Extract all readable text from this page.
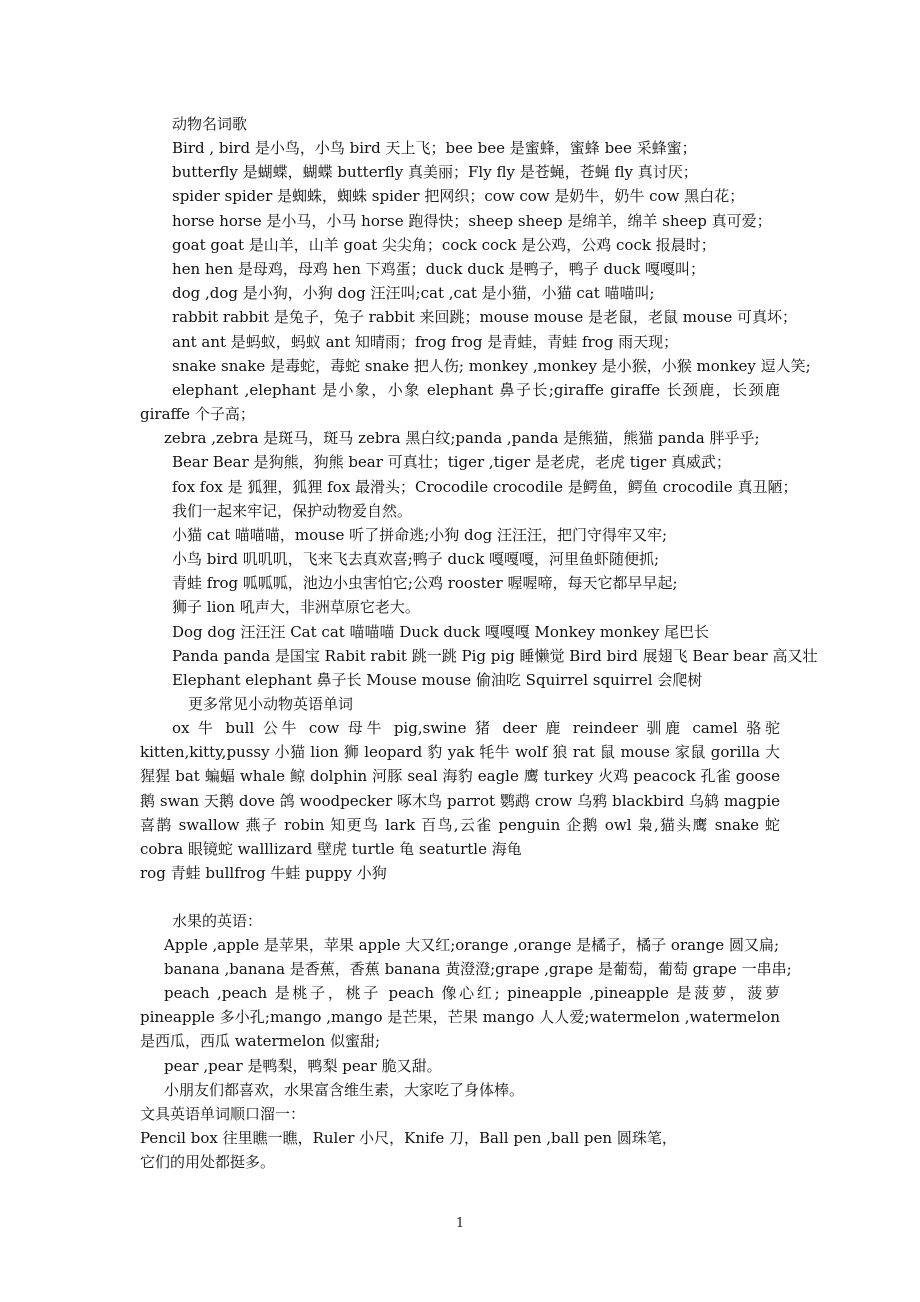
动物名词歌
Bird , bird 是小鸟，小鸟 bird 天上飞；bee bee 是蜜蜂，蜜蜂 bee 采蜂蜜；
butterfly 是蝴蝶，蝴蝶 butterfly 真美丽；Fly fly 是苍蝇，苍蝇 fly 真讨厌；
spider spider 是蜘蛛，蜘蛛 spider 把网织；cow cow 是奶牛，奶牛 cow 黑白花；
horse horse 是小马，小马 horse 跑得快；sheep sheep 是绵羊，绵羊 sheep 真可爱；
goat goat 是山羊，山羊 goat 尖尖角；cock cock 是公鸡，公鸡 cock 报晨时；
hen hen 是母鸡，母鸡 hen 下鸡蛋；duck duck 是鸭子，鸭子 duck 嘎嘎叫；
dog ,dog 是小狗，小狗 dog 汪汪叫;cat ,cat 是小猫，小猫 cat 喵喵叫;
rabbit rabbit 是兔子，兔子 rabbit 来回跳；mouse mouse 是老鼠，老鼠 mouse 可真坏；
ant ant 是蚂蚁，蚂蚁 ant 知晴雨；frog frog 是青蛙，青蛙 frog 雨天现；
snake snake 是毒蛇，毒蛇 snake 把人伤; monkey ,monkey 是小猴，小猴 monkey 逗人笑;
elephant ,elephant 是小象，小象 elephant 鼻子长;giraffe giraffe 长颈鹿，长颈鹿 giraffe 个子高；
zebra ,zebra 是斑马，斑马 zebra 黑白纹;panda ,panda 是熊猫，熊猫 panda 胖乎乎;
Bear Bear 是狗熊，狗熊 bear 可真壮；tiger ,tiger 是老虎，老虎 tiger 真威武；
fox fox 是 狐狸，狐狸 fox 最滑头；Crocodile crocodile 是鳄鱼，鳄鱼 crocodile 真丑陋；
我们一起来牢记，保护动物爱自然。
小猫 cat 喵喵喵，mouse 听了拼命逃;小狗 dog 汪汪汪，把门守得牢又牢;
小鸟 bird 叽叽叽，飞来飞去真欢喜;鸭子 duck 嘎嘎嘎，河里鱼虾随便抓;
青蛙 frog 呱呱呱，池边小虫害怕它;公鸡 rooster 喔喔啼，每天它都早早起;
狮子 lion 吼声大，非洲草原它老大。
Dog dog 汪汪汪 Cat cat 喵喵喵 Duck duck 嘎嘎嘎 Monkey monkey 尾巴长
Panda panda 是国宝 Rabit rabit 跳一跳 Pig pig 睡懒觉 Bird bird 展翅飞 Bear bear 高又壮
Elephant elephant 鼻子长 Mouse mouse 偷油吃 Squirrel squirrel 会爬树
更多常见小动物英语单词
ox 牛 bull 公牛 cow 母牛 pig,swine 猪 deer 鹿 reindeer 驯鹿 camel 骆驼 kitten,kitty,pussy 小猫 lion 狮 leopard 豹 yak 牦牛 wolf 狼 rat 鼠 mouse 家鼠 gorilla 大猩猩 bat 蝙蝠 whale 鲸 dolphin 河豚 seal 海豹 eagle 鹰 turkey 火鸡 peacock 孔雀 goose 鹅 swan 天鹅 dove 鸽 woodpecker 啄木鸟 parrot 鹦鹉 crow 乌鸦 blackbird 乌鸫 magpie 喜鹊 swallow 燕子 robin 知更鸟 lark 百鸟,云雀 penguin 企鹅 owl 枭,猫头鹰 snake 蛇 cobra 眼镜蛇 walllizard 壁虎 turtle 龟 seaturtle 海龟
rog 青蛙 bullfrog 牛蛙 puppy 小狗
水果的英语：
Apple ,apple 是苹果，苹果 apple 大又红;orange ,orange 是橘子，橘子 orange 圆又扁;
banana ,banana 是香蕉，香蕉 banana 黄澄澄;grape ,grape 是葡萄，葡萄 grape 一串串;
peach ,peach 是桃子，桃子 peach 像心红; pineapple ,pineapple 是菠萝，菠萝 pineapple 多小孔;mango ,mango 是芒果，芒果 mango 人人爱;watermelon ,watermelon 是西瓜，西瓜 watermelon 似蜜甜;
pear ,pear 是鸭梨，鸭梨 pear 脆又甜。
小朋友们都喜欢，水果富含维生素，大家吃了身体棒。
文具英语单词顺口溜一：
Pencil box 往里瞧一瞧，Ruler 小尺，Knife 刀，Ball pen ,ball pen 圆珠笔，
它们的用处都挺多。
1
